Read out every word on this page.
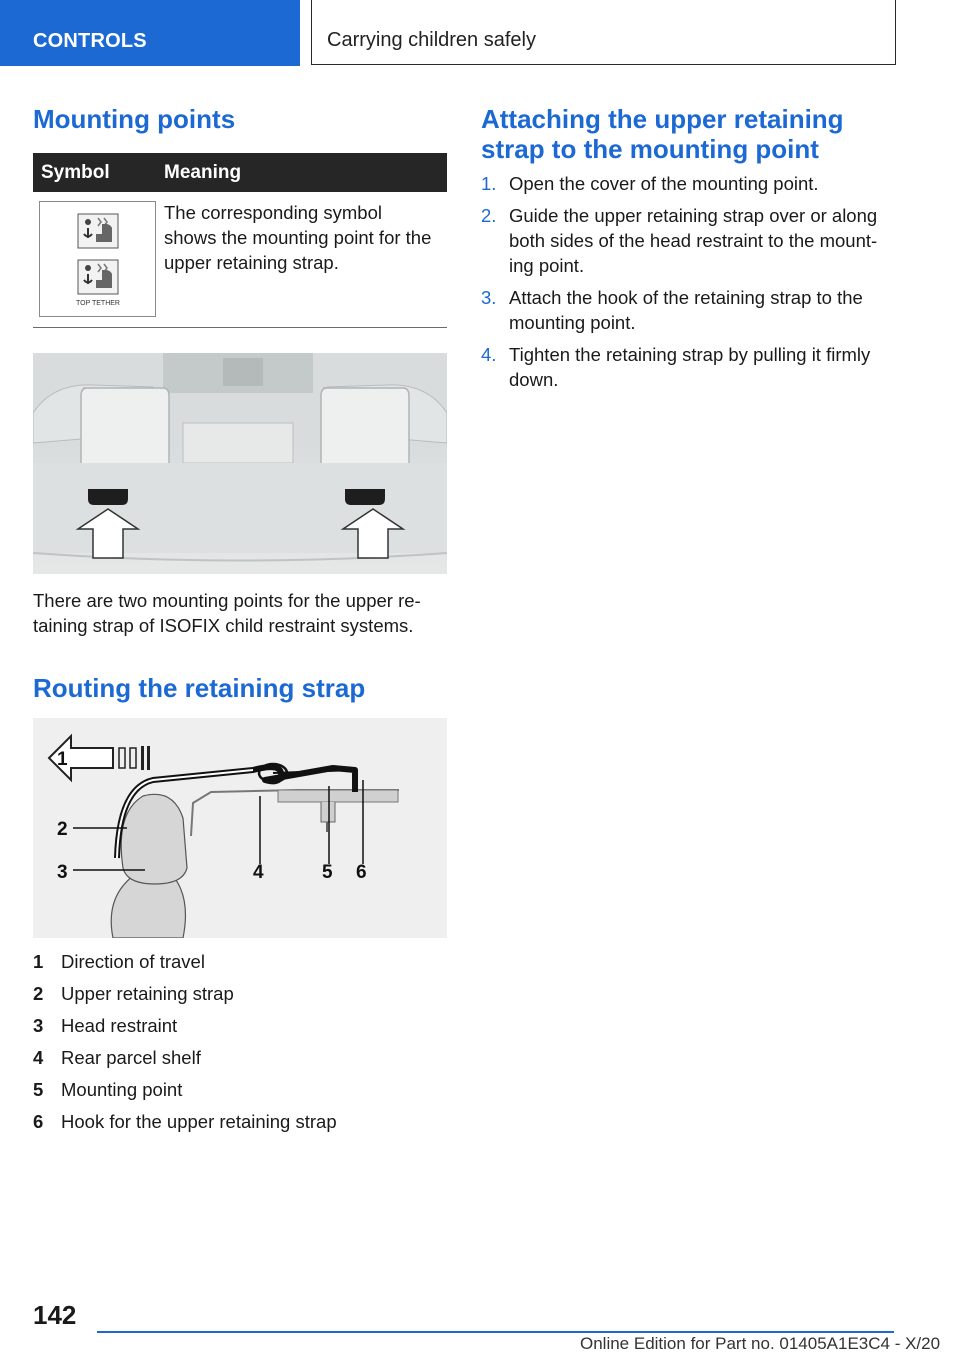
CONTROLS	Carrying children safely
Mounting points
Symbol	Meaning
TOP TETHER
The corresponding symbol shows the mounting point for the upper retaining strap.
There are two mounting points for the upper re-taining strap of ISOFIX child restraint systems.
Routing the retaining strap
1
2
3	4	5 6
1 Direction of travel
2 Upper retaining strap
3 Head restraint
4 Rear parcel shelf
5 Mounting point
6 Hook for the upper retaining strap
Attaching the upper retaining strap to the mounting point
1. Open the cover of the mounting point.
2. Guide the upper retaining strap over or along both sides of the head restraint to the mount-ing point.
3. Attach the hook of the retaining strap to the mounting point.
4. Tighten the retaining strap by pulling it firmly down.
142
Online Edition for Part no. 01405A1E3C4 - X/20
